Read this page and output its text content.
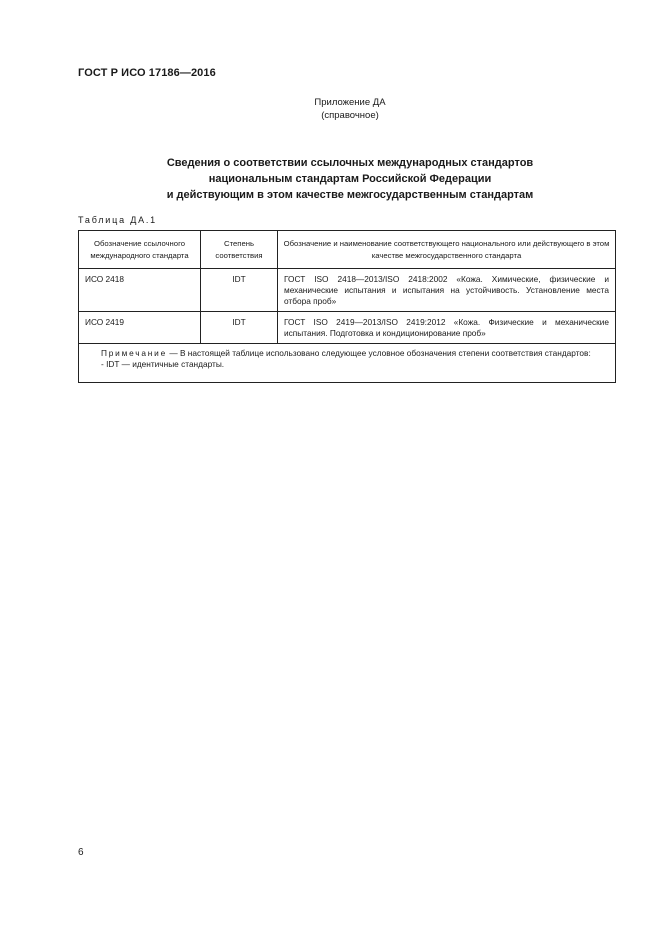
ГОСТ Р ИСО 17186—2016
Приложение ДА
(справочное)
Сведения о соответствии ссылочных международных стандартов
национальным стандартам Российской Федерации
и действующим в этом качестве межгосударственным стандартам
Таблица ДА.1
Обозначение ссылочного международного стандарта	Степень соответствия	Обозначение и наименование соответствующего национального или действующего в этом качестве межгосударственного стандарта
ИСО 2418	IDT	ГОСТ ISO 2418—2013/ISO 2418:2002 «Кожа. Химические, физические и механические испытания и испытания на устойчивость. Установление места отбора проб»
ИСО 2419	IDT	ГОСТ ISO 2419—2013/ISO 2419:2012 «Кожа. Физические и механические испытания. Подготовка и кондиционирование проб»

Примечание — В настоящей таблице использовано следующее условное обозначения степени соответствия стандартов:
- IDT — идентичные стандарты.		
6
